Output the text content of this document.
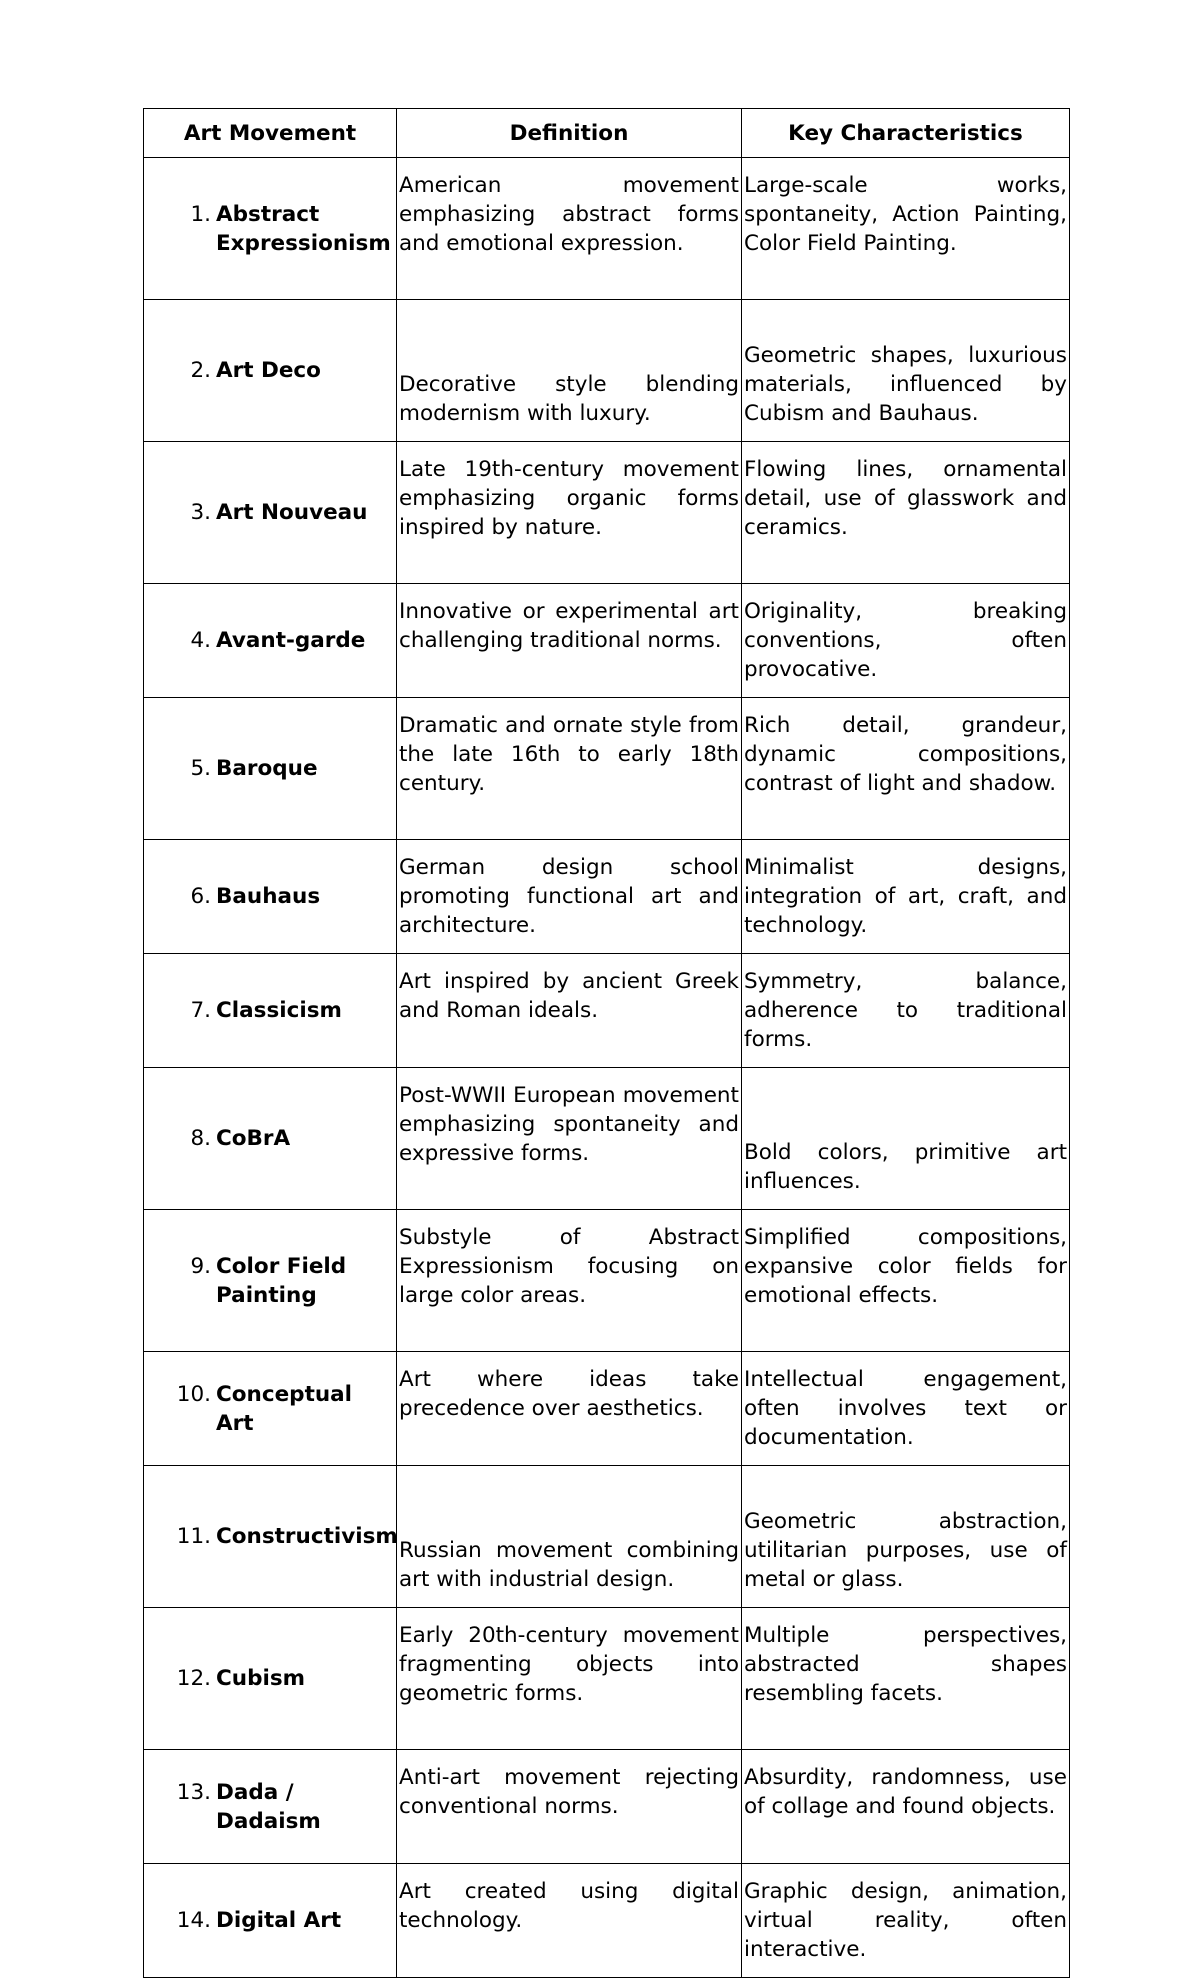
Art Movement	Definition	Key Characteristics

1. Abstract Expressionism	American movement emphasizing abstract forms and emotional expression.	Large-scale works, spontaneity, Action Painting, Color Field Painting.

2. Art Deco	Decorative style blending modernism with luxury.	Geometric shapes, luxurious materials, influenced by Cubism and Bauhaus.

3. Art Nouveau	Late 19th-century movement emphasizing organic forms inspired by nature.	Flowing lines, ornamental detail, use of glasswork and ceramics.

4. Avant-garde	Innovative or experimental art challenging traditional norms.	Originality, breaking conventions, often provocative.

5. Baroque	Dramatic and ornate style from the late 16th to early 18th century.	Rich detail, grandeur, dynamic compositions, contrast of light and shadow.

6. Bauhaus	German design school promoting functional art and architecture.	Minimalist designs, integration of art, craft, and technology.

7. Classicism	Art inspired by ancient Greek and Roman ideals.	Symmetry, balance, adherence to traditional forms.

8. CoBrA	Post-WWII European movement emphasizing spontaneity and expressive forms.	Bold colors, primitive art influences.

9. Color Field Painting	Substyle of Abstract Expressionism focusing on large color areas.	Simplified compositions, expansive color fields for emotional effects.

10. Conceptual Art	Art where ideas take precedence over aesthetics.	Intellectual engagement, often involves text or documentation.

11. Constructivism	Russian movement combining art with industrial design.	Geometric abstraction, utilitarian purposes, use of metal or glass.

12. Cubism	Early 20th-century movement fragmenting objects into geometric forms.	Multiple perspectives, abstracted shapes resembling facets.

13. Dada / Dadaism	Anti-art movement rejecting conventional norms.	Absurdity, randomness, use of collage and found objects.

14. Digital Art	Art created using digital technology.	Graphic design, animation, virtual reality, often interactive.
